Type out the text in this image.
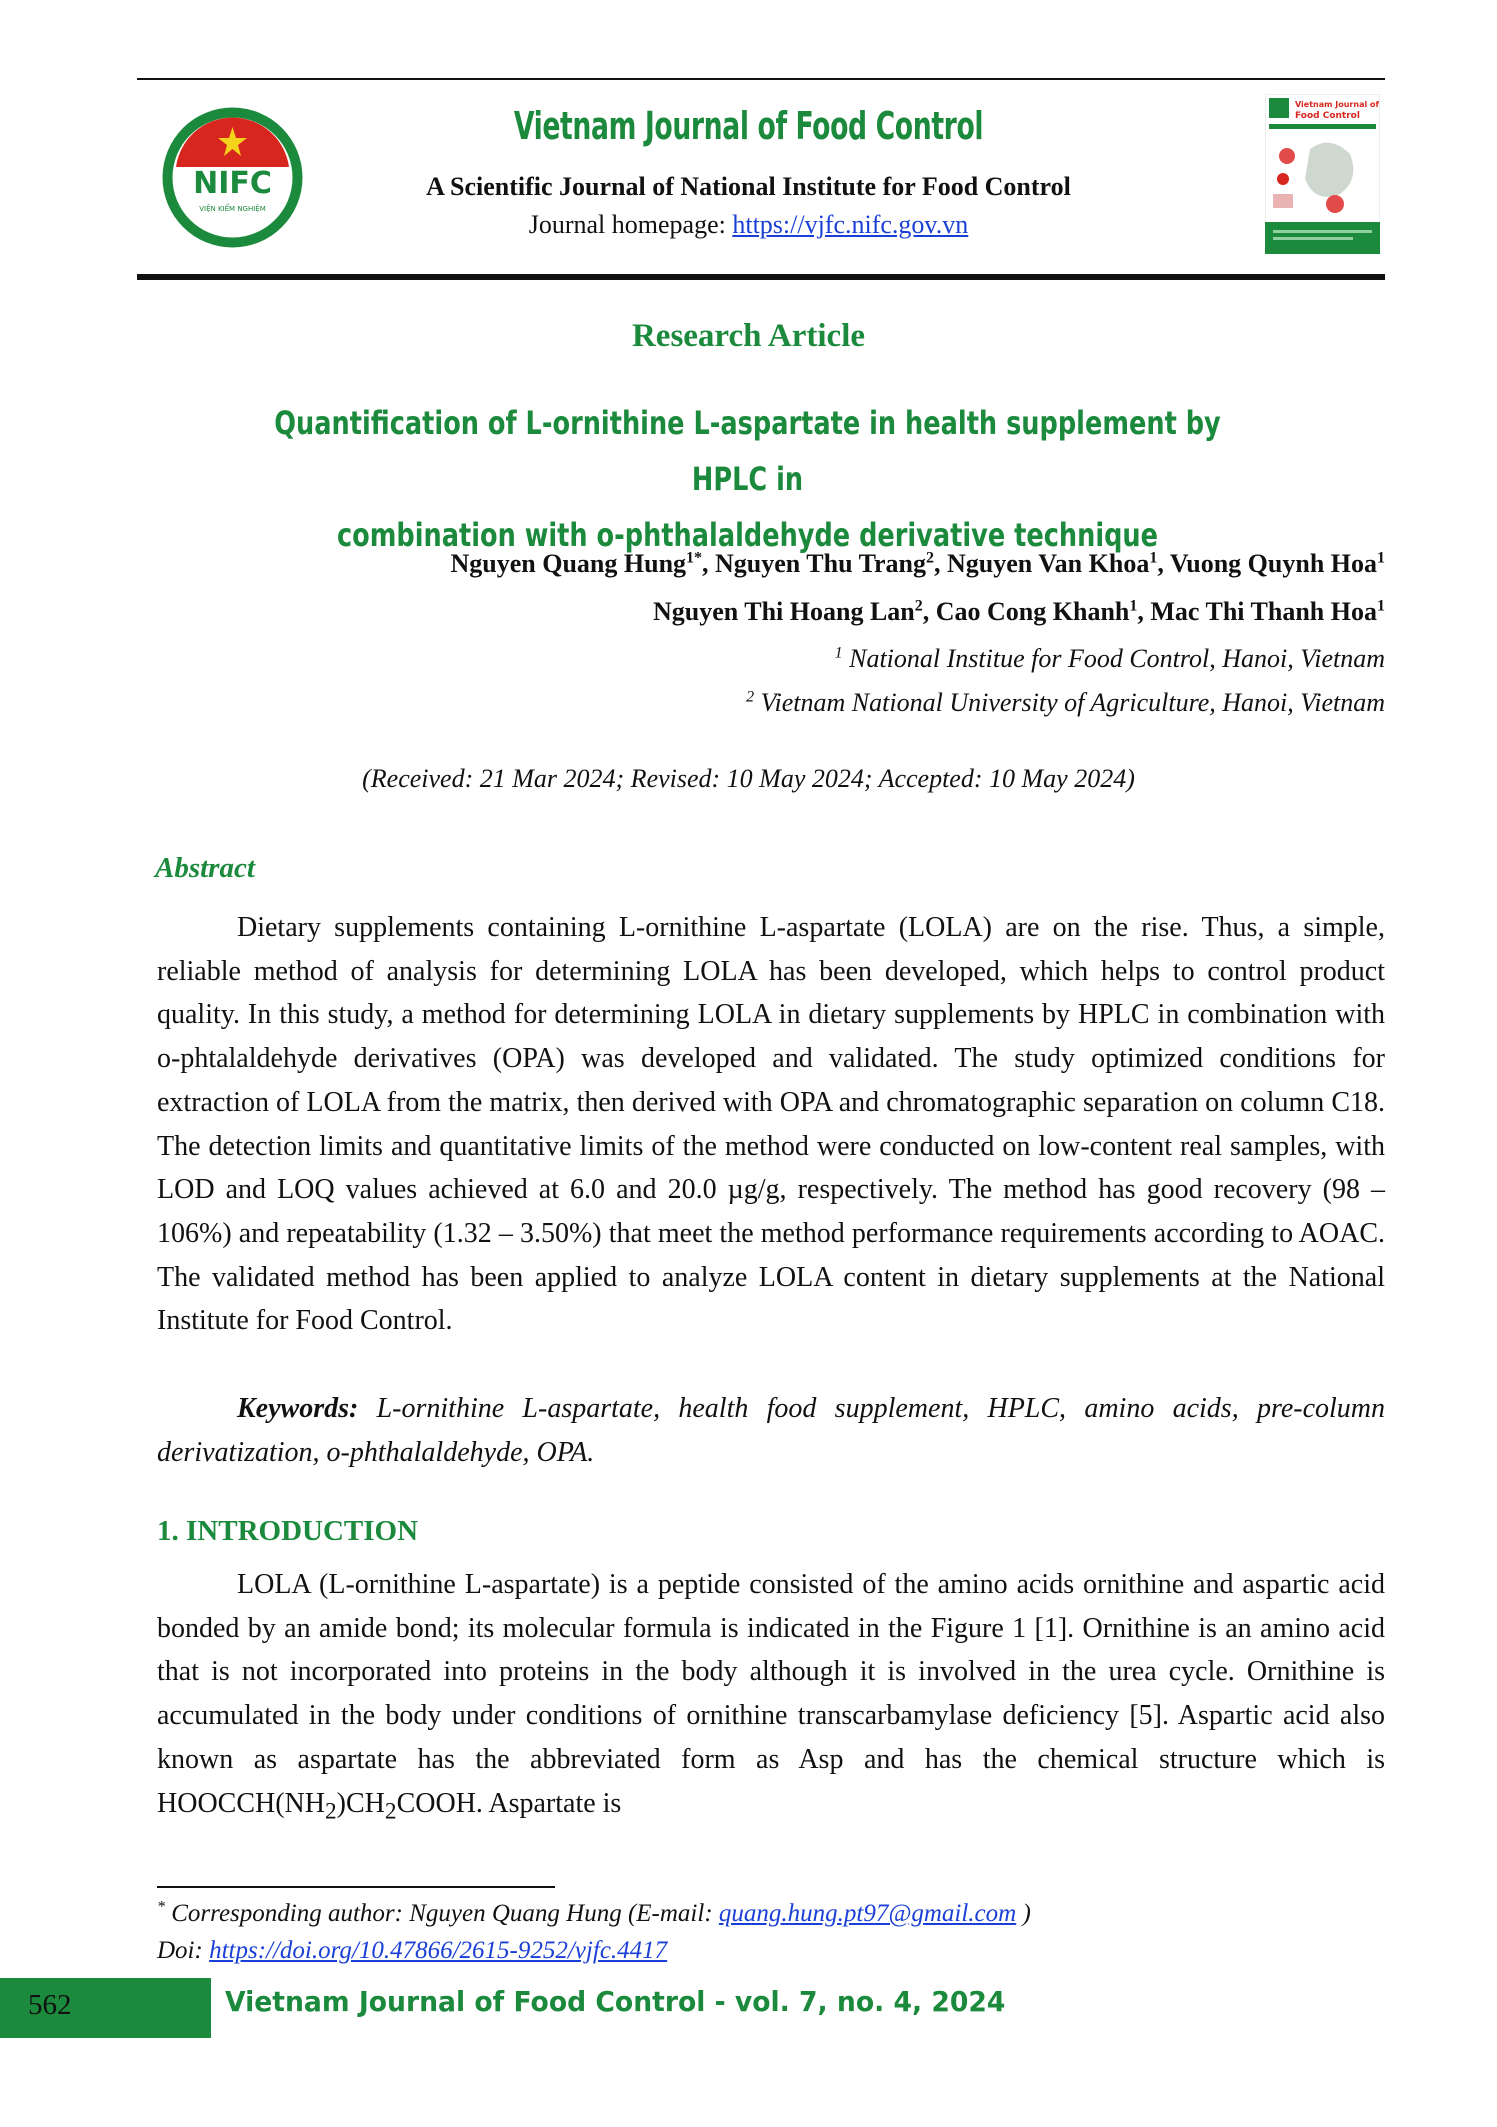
NIFC
VIỆN KIỂM NGHIỆM
Vietnam Journal of Food Control
A Scientific Journal of National Institute for Food Control
Journal homepage: https://vjfc.nifc.gov.vn
Vietnam Journal of
Food Control
Research Article
Quantification of L-ornithine L-aspartate in health supplement by HPLC in
combination with o-phthalaldehyde derivative technique
Nguyen Quang Hung$^{1*}$, Nguyen Thu Trang$^2$, Nguyen Van Khoa$^1$, Vuong Quynh Hoa$^1$
Nguyen Thi Hoang Lan$^2$, Cao Cong Khanh$^1$, Mac Thi Thanh Hoa$^1$
$^1$ National Institue for Food Control, Hanoi, Vietnam
$^2$ Vietnam National University of Agriculture, Hanoi, Vietnam
(Received: 21 Mar 2024; Revised: 10 May 2024; Accepted: 10 May 2024)
Abstract
Dietary supplements containing L-ornithine L-aspartate (LOLA) are on the rise. Thus, a simple, reliable method of analysis for determining LOLA has been developed, which helps to control product quality. In this study, a method for determining LOLA in dietary supplements by HPLC in combination with o-phtalaldehyde derivatives (OPA) was developed and validated. The study optimized conditions for extraction of LOLA from the matrix, then derived with OPA and chromatographic separation on column C18. The detection limits and quantitative limits of the method were conducted on low-content real samples, with LOD and LOQ values achieved at 6.0 and 20.0 µg/g, respectively. The method has good recovery (98 – 106%) and repeatability (1.32 – 3.50%) that meet the method performance requirements according to AOAC. The validated method has been applied to analyze LOLA content in dietary supplements at the National Institute for Food Control.
Keywords: L-ornithine L-aspartate, health food supplement, HPLC, amino acids, pre-column derivatization, o-phthalaldehyde, OPA.
1. INTRODUCTION
LOLA (L-ornithine L-aspartate) is a peptide consisted of the amino acids ornithine and aspartic acid bonded by an amide bond; its molecular formula is indicated in the Figure 1 [1]. Ornithine is an amino acid that is not incorporated into proteins in the body although it is involved in the urea cycle. Ornithine is accumulated in the body under conditions of ornithine transcarbamylase deficiency [5]. Aspartic acid also known as aspartate has the abbreviated form as Asp and has the chemical structure which is $HOOCCH(NH_2)CH_2COOH$. Aspartate is
* Corresponding author: Nguyen Quang Hung (E-mail: quang.hung.pt97@gmail.com )
Doi: https://doi.org/10.47866/2615-9252/vjfc.4417
562	Vietnam Journal of Food Control - vol. 7, no. 4, 2024
